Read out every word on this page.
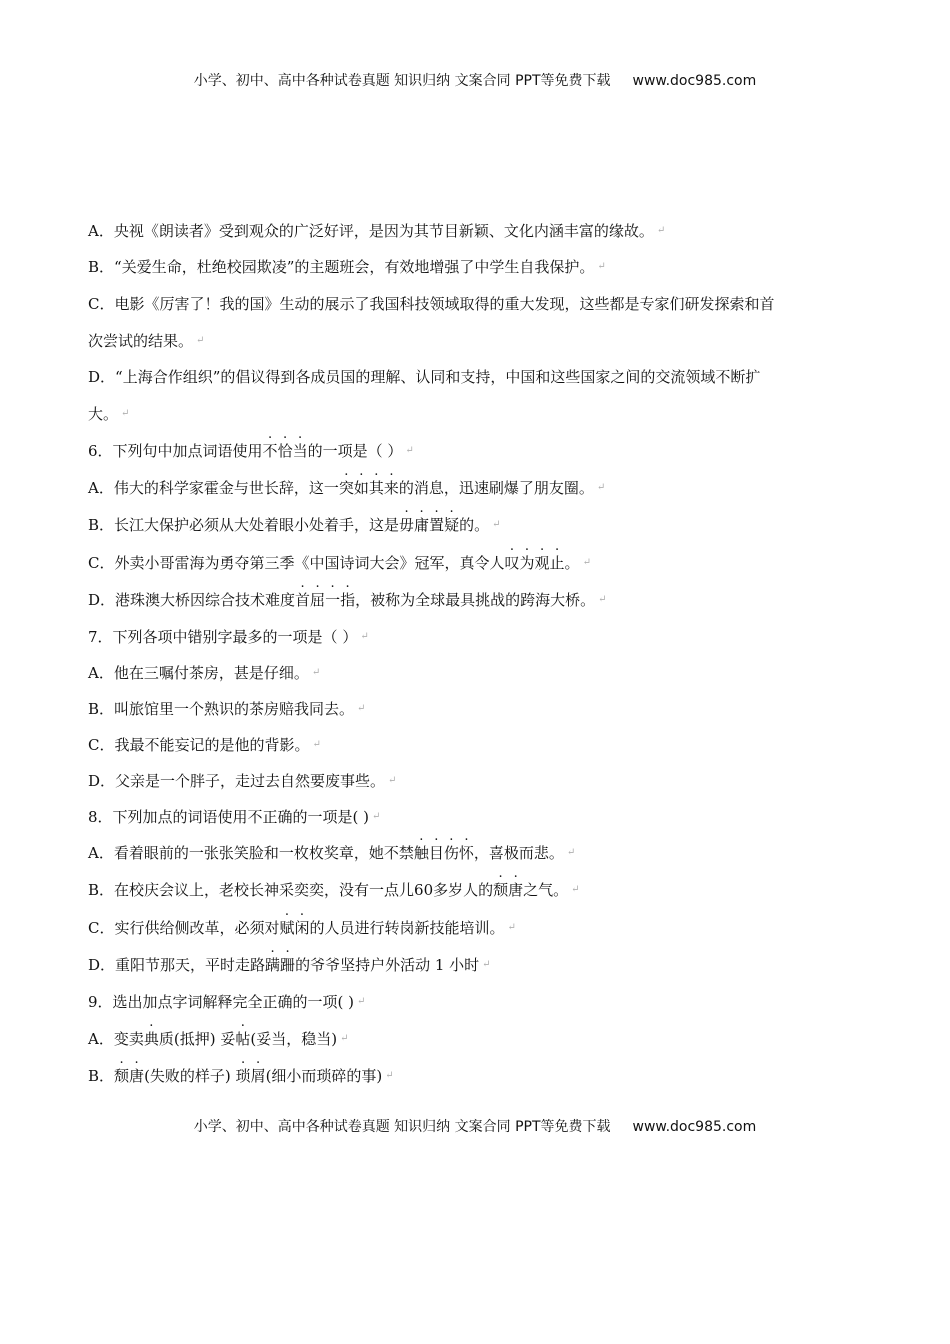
小学、初中、高中各种试卷真题 知识归纳 文案合同 PPT等免费下载 www.doc985.com
A．央视《朗读者》受到观众的广泛好评，是因为其节目新颖、文化内涵丰富的缘故。 ↵
B．“关爱生命，杜绝校园欺凌”的主题班会，有效地增强了中学生自我保护。 ↵
C．电影《厉害了！我的国》生动的展示了我国科技领域取得的重大发现，这些都是专家们研发探索和首
次尝试的结果。 ↵
D．“上海合作组织”的倡议得到各成员国的理解、认同和支持，中国和这些国家之间的交流领域不断扩
大。 ↵
6．下列句中加点词语使用不恰当的一项是（ ） ↵
A．伟大的科学家霍金与世长辞，这一突如其来的消息，迅速刷爆了朋友圈。 ↵
B．长江大保护必须从大处着眼小处着手，这是毋庸置疑的。 ↵
C．外卖小哥雷海为勇夺第三季《中国诗词大会》冠军，真令人叹为观止。 ↵
D．港珠澳大桥因综合技术难度首屈一指，被称为全球最具挑战的跨海大桥。 ↵
7．下列各项中错别字最多的一项是（ ） ↵
A．他在三嘱付茶房，甚是仔细。 ↵
B．叫旅馆里一个熟识的茶房赔我同去。 ↵
C．我最不能妄记的是他的背影。 ↵
D．父亲是一个胖子，走过去自然要废事些。 ↵
8．下列加点的词语使用不正确的一项是( ) ↵
A．看着眼前的一张张笑脸和一枚枚奖章，她不禁触目伤怀，喜极而悲。 ↵
B．在校庆会议上，老校长神采奕奕，没有一点儿60多岁人的颓唐之气。 ↵
C．实行供给侧改革，必须对赋闲的人员进行转岗新技能培训。 ↵
D．重阳节那天，平时走路蹒跚的爷爷坚持户外活动 1 小时 ↵
9．选出加点字词解释完全正确的一项( ) ↵
A．变卖典质(抵押) 妥帖(妥当，稳当) ↵
B．颓唐(失败的样子) 琐屑(细小而琐碎的事) ↵
小学、初中、高中各种试卷真题 知识归纳 文案合同 PPT等免费下载 www.doc985.com
